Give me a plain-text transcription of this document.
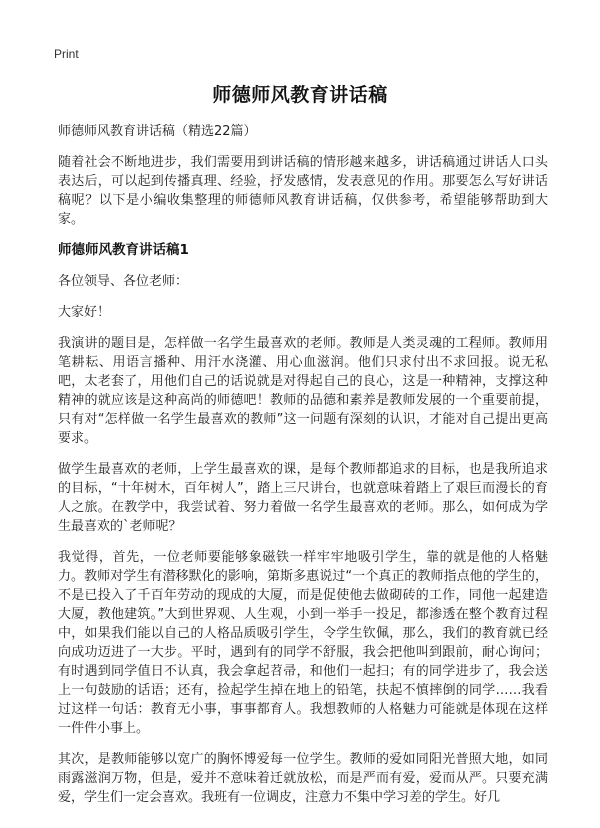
Print
师德师风教育讲话稿

师德师风教育讲话稿（精选22篇）

随着社会不断地进步，我们需要用到讲话稿的情形越来越多，讲话稿通过讲话人口头表达后，可以起到传播真理、经验，抒发感情，发表意见的作用。那要怎么写好讲话稿呢？以下是小编收集整理的师德师风教育讲话稿，仅供参考，希望能够帮助到大家。

师德师风教育讲话稿1

各位领导、各位老师：

大家好！

我演讲的题目是，怎样做一名学生最喜欢的老师。教师是人类灵魂的工程师。教师用笔耕耘、用语言播种、用汗水浇灌、用心血滋润。他们只求付出不求回报。说无私吧，太老套了，用他们自己的话说就是对得起自己的良心，这是一种精神，支撑这种精神的就应该是这种高尚的师德吧！教师的品德和素养是教师发展的一个重要前提，只有对“怎样做一名学生最喜欢的教师”这一问题有深刻的认识，才能对自己提出更高要求。

做学生最喜欢的老师，上学生最喜欢的课，是每个教师都追求的目标，也是我所追求的目标，“十年树木，百年树人”，踏上三尺讲台，也就意味着踏上了艰巨而漫长的育人之旅。在教学中，我尝试着、努力着做一名学生最喜欢的老师。那么，如何成为学生最喜欢的`老师呢？

我觉得，首先，一位老师要能够象磁铁一样牢牢地吸引学生，靠的就是他的人格魅力。教师对学生有潜移默化的影响，第斯多惠说过“一个真正的教师指点他的学生的，不是已投入了千百年劳动的现成的大厦，而是促使他去做砌砖的工作，同他一起建造大厦，教他建筑。”大到世界观、人生观，小到一举手一投足，都渗透在整个教育过程中，如果我们能以自己的人格品质吸引学生，令学生钦佩，那么，我们的教育就已经向成功迈进了一大步。平时，遇到有的同学不舒服，我会把他叫到跟前，耐心询问；有时遇到同学值日不认真，我会拿起苕帚，和他们一起扫；有的同学进步了，我会送上一句鼓励的话语；还有，捡起学生掉在地上的铅笔，扶起不慎摔倒的同学……我看过这样一句话：教育无小事，事事都育人。我想教师的人格魅力可能就是体现在这样一件件小事上。

其次，是教师能够以宽广的胸怀博爱每一位学生。教师的爱如同阳光普照大地，如同雨露滋润万物，但是，爱并不意味着迁就放松，而是严而有爱，爱而从严。只要充满爱，学生们一定会喜欢。我班有一位调皮，注意力不集中学习差的学生。好几
